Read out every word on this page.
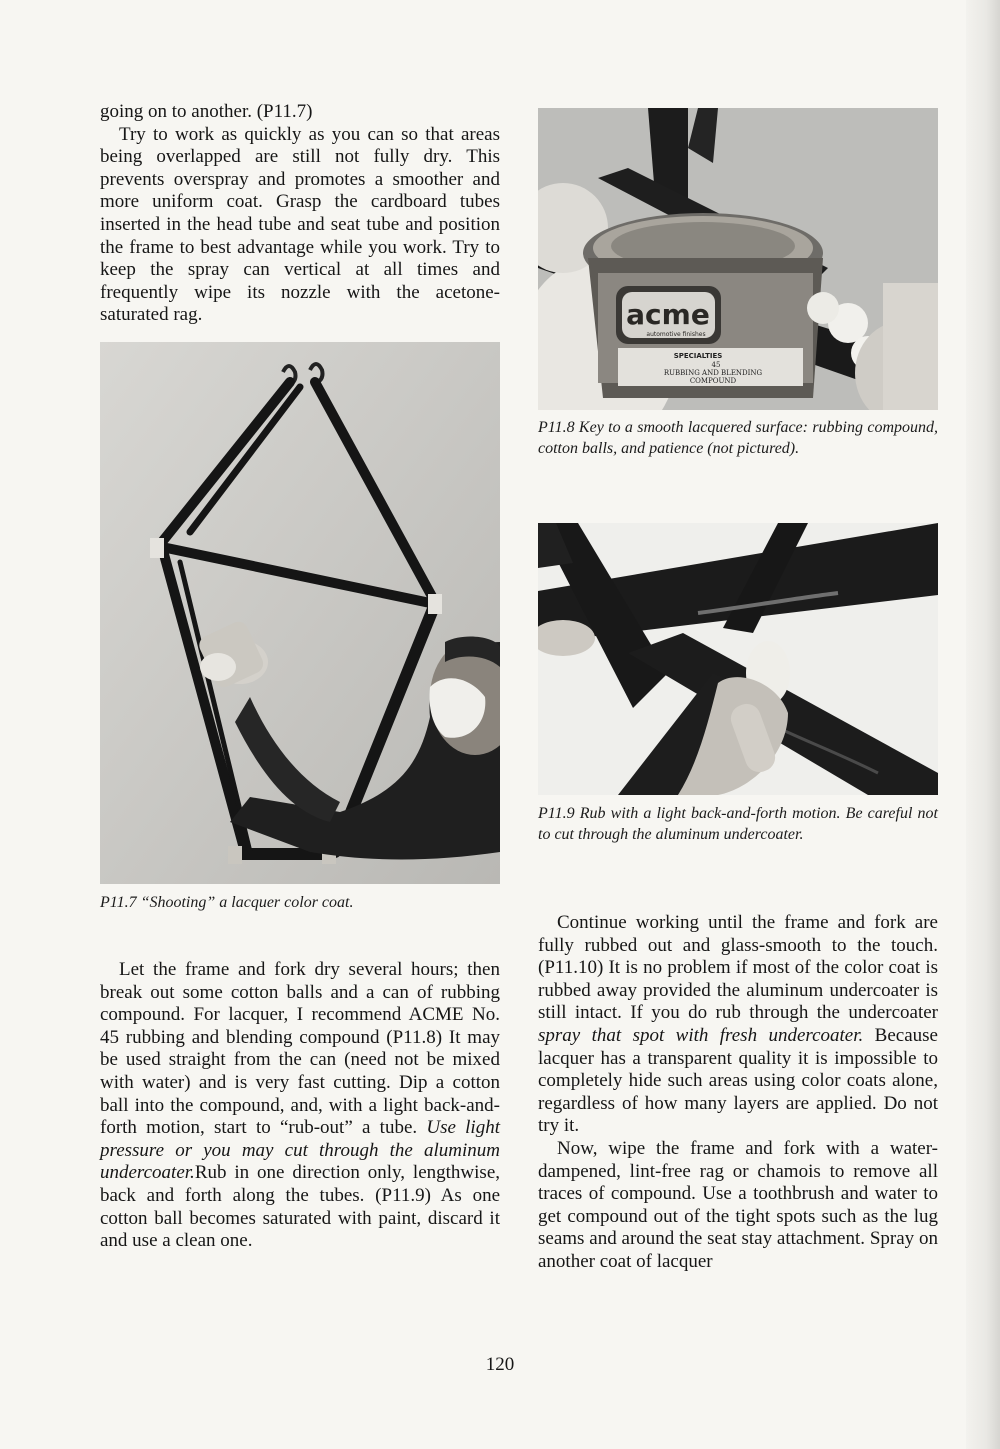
going on to another. (P11.7)

Try to work as quickly as you can so that areas being overlapped are still not fully dry. This prevents overspray and promotes a smoother and more uniform coat. Grasp the cardboard tubes inserted in the head tube and seat tube and position the frame to best advantage while you work. Try to keep the spray can vertical at all times and frequently wipe its nozzle with the acetone-saturated rag.	acme
automotive finishes
SPECIALTIES
45
RUBBING AND BLENDING
COMPOUND
P11.8 Key to a smooth lacquered surface: rubbing compound, cotton balls, and patience (not pictured).
P11.7 “Shooting” a lacquer color coat.
P11.9 Rub with a light back-and-forth motion. Be careful not to cut through the aluminum undercoater.

Let the frame and fork dry several hours; then break out some cotton balls and a can of rubbing compound. For lacquer, I recommend ACME No. 45 rubbing and blending compound (P11.8) It may be used straight from the can (need not be mixed with water) and is very fast cutting. Dip a cotton ball into the compound, and, with a light back-and-forth motion, start to “rub-out” a tube. Use light pressure or you may cut through the aluminum undercoater.Rub in one direction only, lengthwise, back and forth along the tubes. (P11.9) As one cotton ball becomes saturated with paint, discard it and use a clean one.

Continue working until the frame and fork are fully rubbed out and glass-smooth to the touch. (P11.10) It is no problem if most of the color coat is rubbed away provided the aluminum undercoater is still intact. If you do rub through the undercoater spray that spot with fresh undercoater. Because lacquer has a transparent quality it is impossible to completely hide such areas using color coats alone, regardless of how many layers are applied. Do not try it.

Now, wipe the frame and fork with a water-dampened, lint-free rag or chamois to remove all traces of compound. Use a toothbrush and water to get compound out of the tight spots such as the lug seams and around the seat stay attachment. Spray on another coat of lacquer

120
